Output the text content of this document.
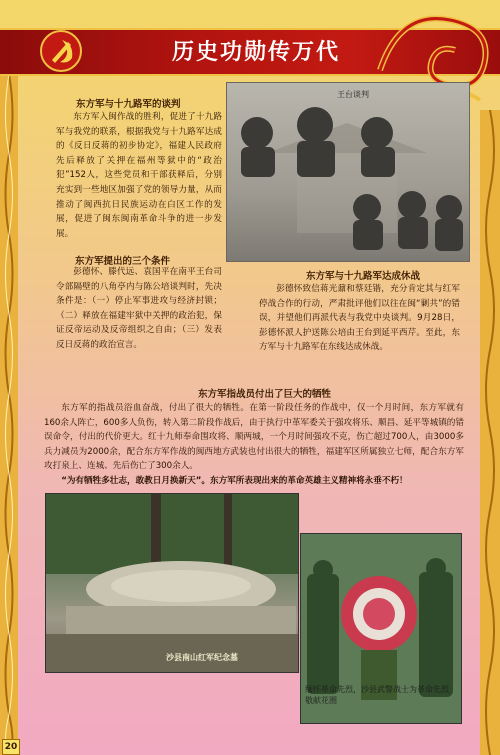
历史功勋传万代
东方军与十九路军的谈判

东方军入闽作战的胜利，促进了十九路军与我党的联系，根据我党与十九路军达成的《反日反蒋的初步协定》，福建人民政府先后释放了关押在福州等狱中的“政治犯”152人，这些党员和干部获释后，分别充实到一些地区加强了党的领导力量，从而推动了闽西抗日民族运动在白区工作的发展，促进了闽东闽南革命斗争的进一步发展。

王台谈判
东方军提出的三个条件

彭德怀、滕代远、袁国平在南平王台司令部隔壁的八角亭内与陈公培谈判时，先决条件是：（一）停止军事进攻与经济封锁；（二）释放在福建牢狱中关押的政治犯，保证反帝运动及反帝组织之自由；（三）发表反日反蒋的政治宣言。

东方军与十九路军达成休战

彭德怀致信蒋光鼐和蔡廷锴，充分肯定其与红军停战合作的行动，严肃批评他们以往在闽“剿共”的错误，并望他们再派代表与我党中央谈判。9月28日，彭德怀派人护送陈公培由王台到延平西芹。至此，东方军与十九路军在东线达成休战。

东方军指战员付出了巨大的牺牲

东方军的指战员浴血奋战，付出了很大的牺牲。在第一阶段任务的作战中，仅一个月时间，东方军就有160余人阵亡，600多人负伤，转入第二阶段作战后，由于执行中革军委关于强攻将乐、顺昌、延平等城镇的错误命令，付出的代价更大。红十九师奉命围攻将、顺两城，一个月时间强攻不克，伤亡超过700人，由3000多兵力减员为2000余，配合东方军作战的闽西地方武装也付出很大的牺牲，福建军区所属独立七师，配合东方军攻打泉上、连城、先后伤亡了300余人。

“为有牺牲多壮志，敢教日月换新天”。东方军所表现出来的革命英雄主义精神将永垂不朽！

沙县南山红军纪念墓
缅怀革命先烈，沙县武警战士为革命先烈敬献花圈
20
